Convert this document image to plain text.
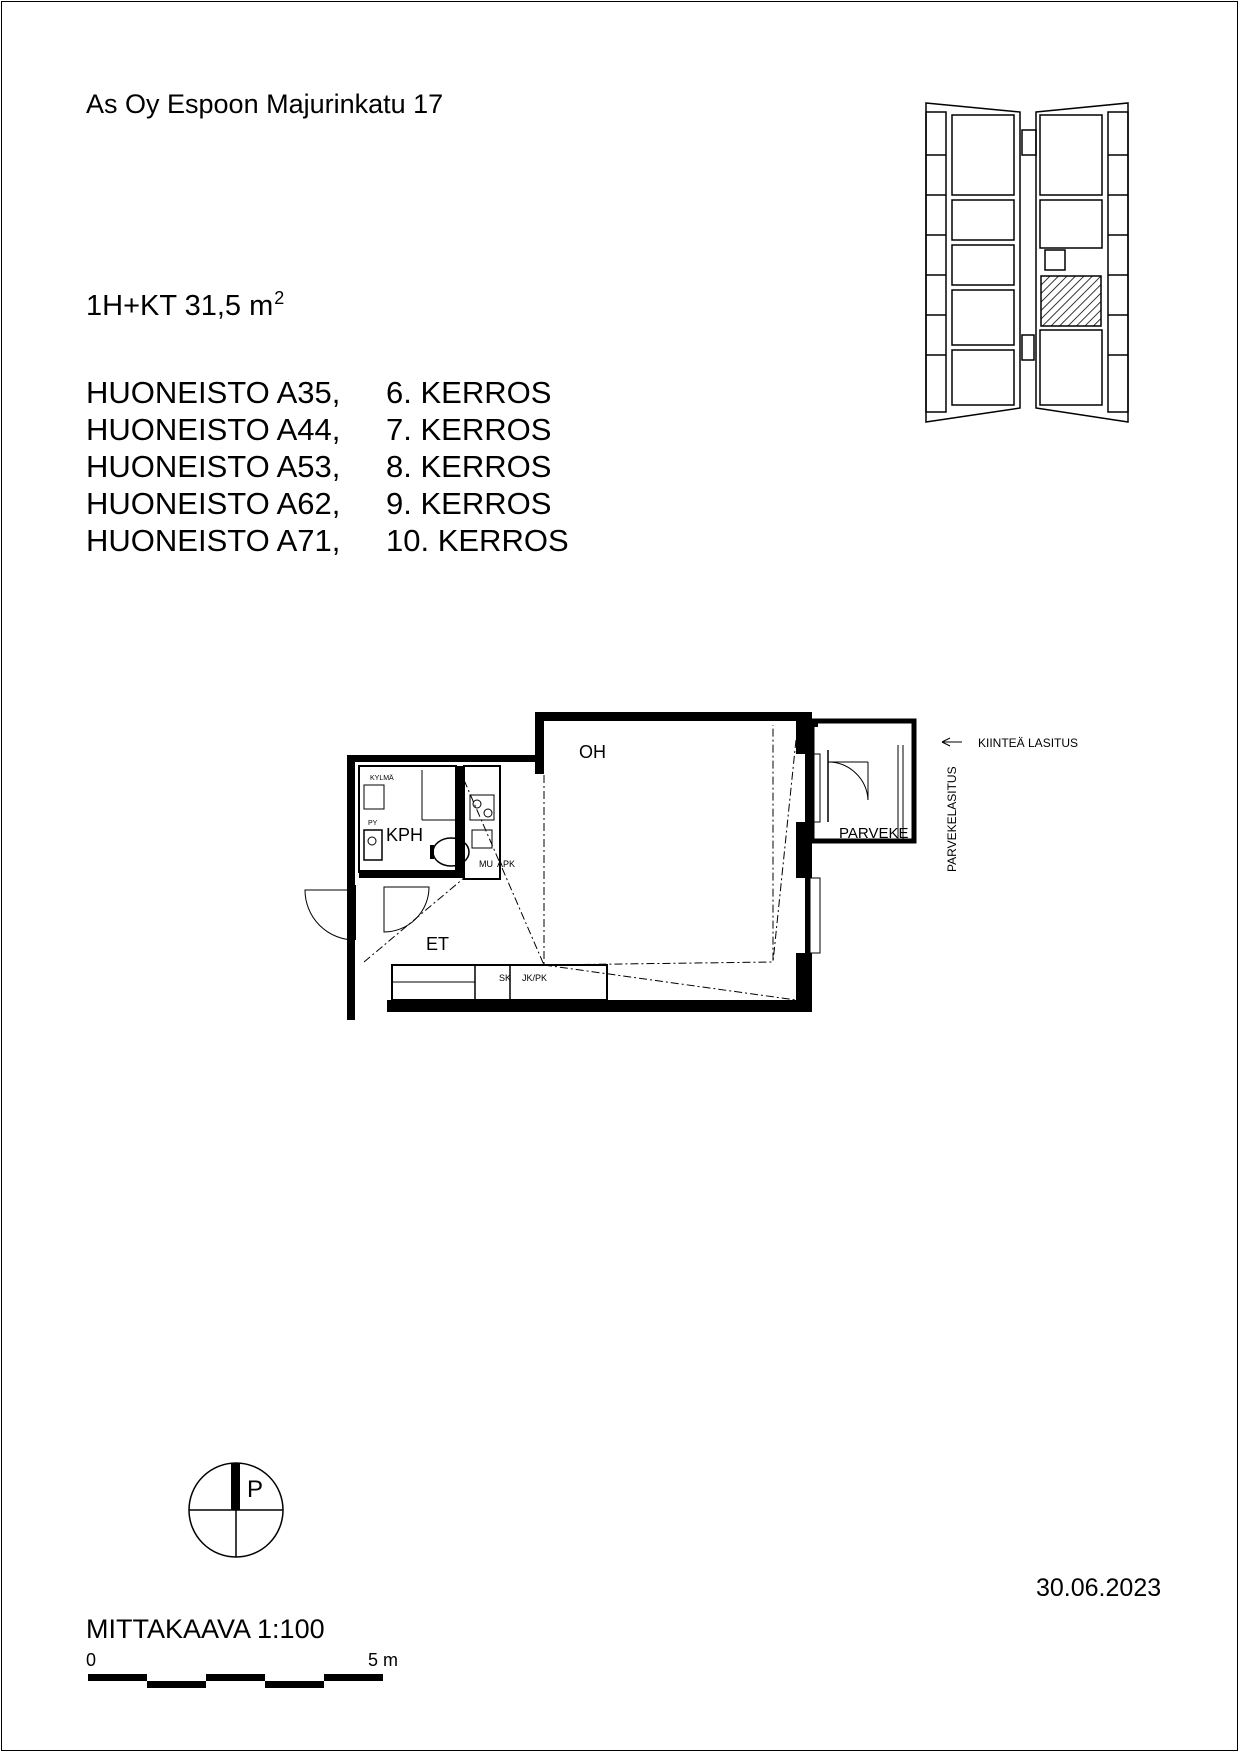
As Oy Espoon Majurinkatu 17
1H+KT 31,5 $m^2$
HUONEISTO A35, 6. KERROS
HUONEISTO A44, 7. KERROS
HUONEISTO A53, 8. KERROS
HUONEISTO A62, 9. KERROS
HUONEISTO A71, 10. KERROS
OH
KPH
ET
PARVEKE
KYLMÄ
PY
MU APK
SK JK/PK
KIINTEÄ LASITUS
PARVEKELASITUS
P
30.06.2023
MITTAKAAVA 1:100
0	5 m
